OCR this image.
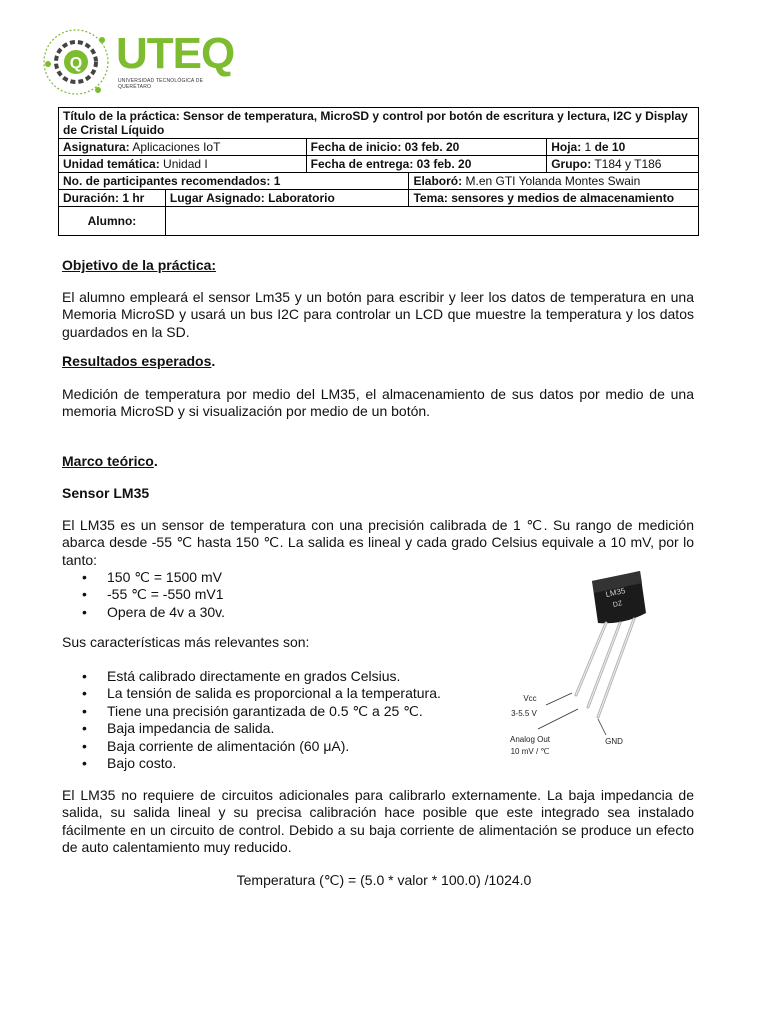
Q UTEQ
UNIVERSIDAD TECNOLÓGICA DE QUERÉTARO
Título de la práctica: Sensor de temperatura, MicroSD y control por botón de escritura y lectura, I2C y Display de Cristal Líquido				
Asignatura: Aplicaciones IoT		Fecha de inicio: 03 feb. 20		Hoja: 1 de 10
Unidad temática: Unidad I		Fecha de entrega: 03 feb. 20		Grupo: T184 y T186
No. de participantes recomendados: 1			Elaboró: M.en GTI Yolanda Montes Swain	
Duración: 1 hr	Lugar Asignado: Laboratorio		Tema: sensores y medios de almacenamiento	
Alumno:				
Objetivo de la práctica:
El alumno empleará el sensor Lm35 y un botón para escribir y leer los datos de temperatura en una Memoria MicroSD y usará un bus I2C para controlar un LCD que muestre la temperatura y los datos guardados en la SD.
Resultados esperados.
Medición de temperatura por medio del LM35, el almacenamiento de sus datos por medio de una memoria MicroSD y si visualización por medio de un botón.
Marco teórico.
Sensor LM35
El LM35 es un sensor de temperatura con una precisión calibrada de 1 ℃. Su rango de medición abarca desde -55 ℃ hasta 150 ℃. La salida es lineal y cada grado Celsius equivale a 10 mV, por lo tanto:
• 150 ℃ = 1500 mV
• -55 ℃ = -550 mV1
• Opera de 4v a 30v.
Sus características más relevantes son:
• Está calibrado directamente en grados Celsius.
• La tensión de salida es proporcional a la temperatura.
• Tiene una precisión garantizada de 0.5 ℃ a 25 ℃.
• Baja impedancia de salida.
• Baja corriente de alimentación (60 μA).
• Bajo costo.
LM35
DZ
Vcc
3-5.5 V
Analog Out
10 mV / ℃
GND
El LM35 no requiere de circuitos adicionales para calibrarlo externamente. La baja impedancia de salida, su salida lineal y su precisa calibración hace posible que este integrado sea instalado fácilmente en un circuito de control. Debido a su baja corriente de alimentación se produce un efecto de auto calentamiento muy reducido.
Temperatura (℃) = (5.0 * valor * 100.0) /1024.0
